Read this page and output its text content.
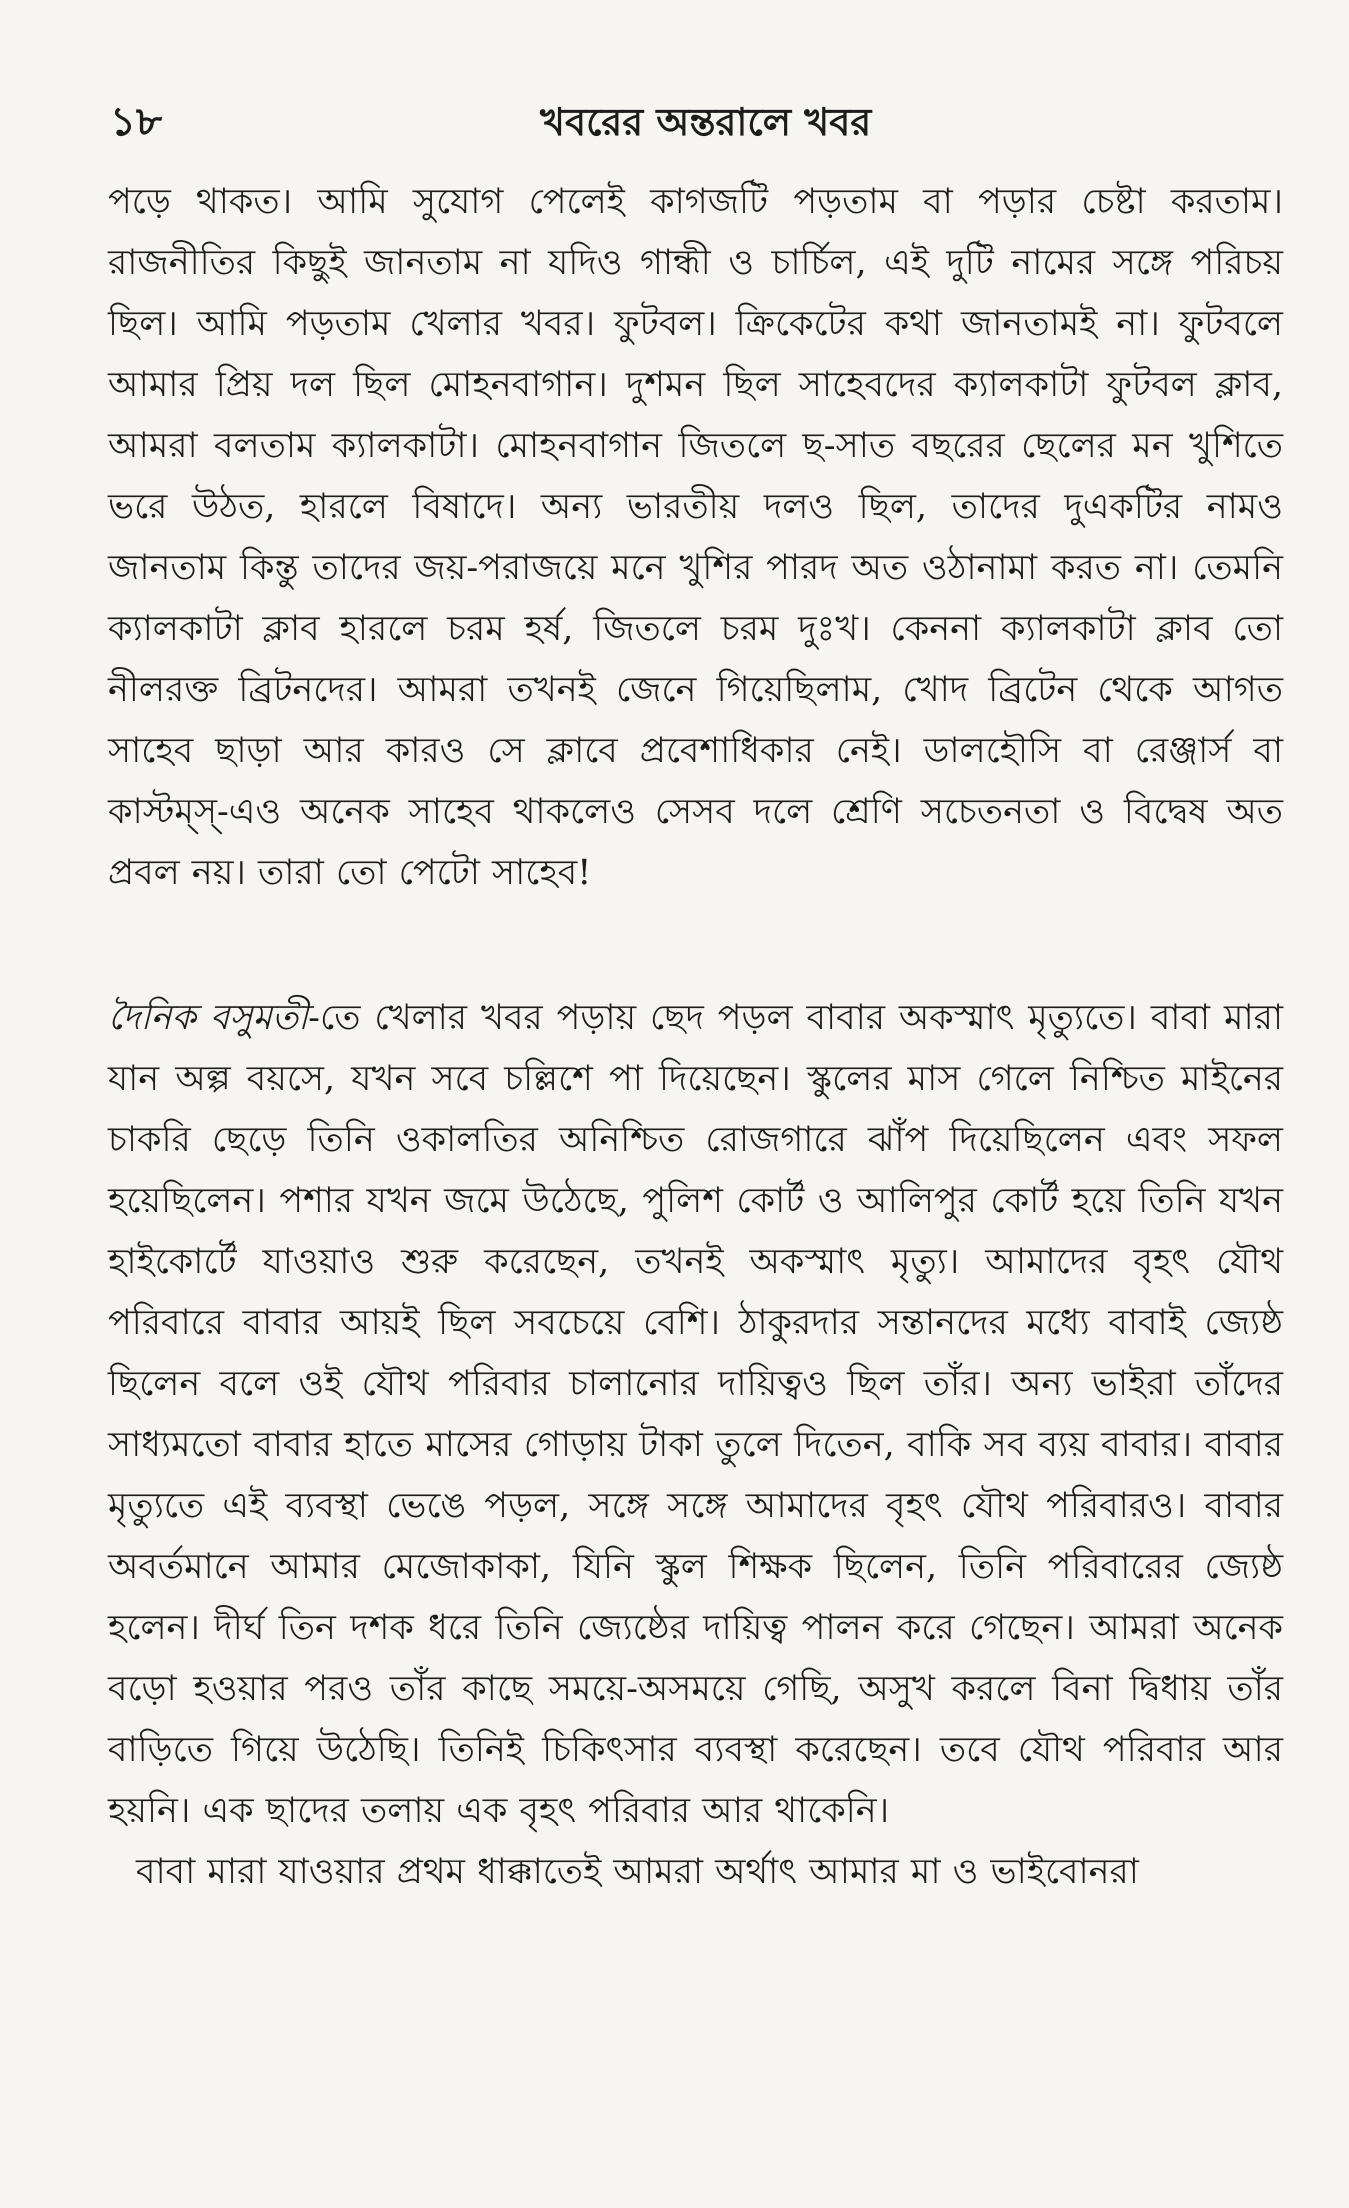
১৮	খবরের অন্তরালে খবর

পড়ে থাকত। আমি সুযোগ পেলেই কাগজটি পড়তাম বা পড়ার চেষ্টা করতাম। রাজনীতির কিছুই জানতাম না যদিও গান্ধী ও চার্চিল, এই দুটি নামের সঙ্গে পরিচয় ছিল। আমি পড়তাম খেলার খবর। ফুটবল। ক্রিকেটের কথা জানতামই না। ফুটবলে আমার প্রিয় দল ছিল মোহনবাগান। দুশমন ছিল সাহেবদের ক্যালকাটা ফুটবল ক্লাব, আমরা বলতাম ক্যালকাটা। মোহনবাগান জিতলে ছ-সাত বছরের ছেলের মন খুশিতে ভরে উঠত, হারলে বিষাদে। অন্য ভারতীয় দলও ছিল, তাদের দুএকটির নামও জানতাম কিন্তু তাদের জয়-পরাজয়ে মনে খুশির পারদ অত ওঠানামা করত না। তেমনি ক্যালকাটা ক্লাব হারলে চরম হর্ষ, জিতলে চরম দুঃখ। কেননা ক্যালকাটা ক্লাব তো নীলরক্ত ব্রিটনদের। আমরা তখনই জেনে গিয়েছিলাম, খোদ ব্রিটেন থেকে আগত সাহেব ছাড়া আর কারও সে ক্লাবে প্রবেশাধিকার নেই। ডালহৌসি বা রেঞ্জার্স বা কাস্টম্স্-এও অনেক সাহেব থাকলেও সেসব দলে শ্রেণি সচেতনতা ও বিদ্বেষ অত প্রবল নয়। তারা তো পেটো সাহেব!

দৈনিক বসুমতী-তে খেলার খবর পড়ায় ছেদ পড়ল বাবার অকস্মাৎ মৃত্যুতে। বাবা মারা যান অল্প বয়সে, যখন সবে চল্লিশে পা দিয়েছেন। স্কুলের মাস গেলে নিশ্চিত মাইনের চাকরি ছেড়ে তিনি ওকালতির অনিশ্চিত রোজগারে ঝাঁপ দিয়েছিলেন এবং সফল হয়েছিলেন। পশার যখন জমে উঠেছে, পুলিশ কোর্ট ও আলিপুর কোর্ট হয়ে তিনি যখন হাইকোর্টে যাওয়াও শুরু করেছেন, তখনই অকস্মাৎ মৃত্যু। আমাদের বৃহৎ যৌথ পরিবারে বাবার আয়ই ছিল সবচেয়ে বেশি। ঠাকুরদার সন্তানদের মধ্যে বাবাই জ্যেষ্ঠ ছিলেন বলে ওই যৌথ পরিবার চালানোর দায়িত্বও ছিল তাঁর। অন্য ভাইরা তাঁদের সাধ্যমতো বাবার হাতে মাসের গোড়ায় টাকা তুলে দিতেন, বাকি সব ব্যয় বাবার। বাবার মৃত্যুতে এই ব্যবস্থা ভেঙে পড়ল, সঙ্গে সঙ্গে আমাদের বৃহৎ যৌথ পরিবারও। বাবার অবর্তমানে আমার মেজোকাকা, যিনি স্কুল শিক্ষক ছিলেন, তিনি পরিবারের জ্যেষ্ঠ হলেন। দীর্ঘ তিন দশক ধরে তিনি জ্যেষ্ঠের দায়িত্ব পালন করে গেছেন। আমরা অনেক বড়ো হওয়ার পরও তাঁর কাছে সময়ে-অসময়ে গেছি, অসুখ করলে বিনা দ্বিধায় তাঁর বাড়িতে গিয়ে উঠেছি। তিনিই চিকিৎসার ব্যবস্থা করেছেন। তবে যৌথ পরিবার আর হয়নি। এক ছাদের তলায় এক বৃহৎ পরিবার আর থাকেনি।

বাবা মারা যাওয়ার প্রথম ধাক্কাতেই আমরা অর্থাৎ আমার মা ও ভাইবোনরা
